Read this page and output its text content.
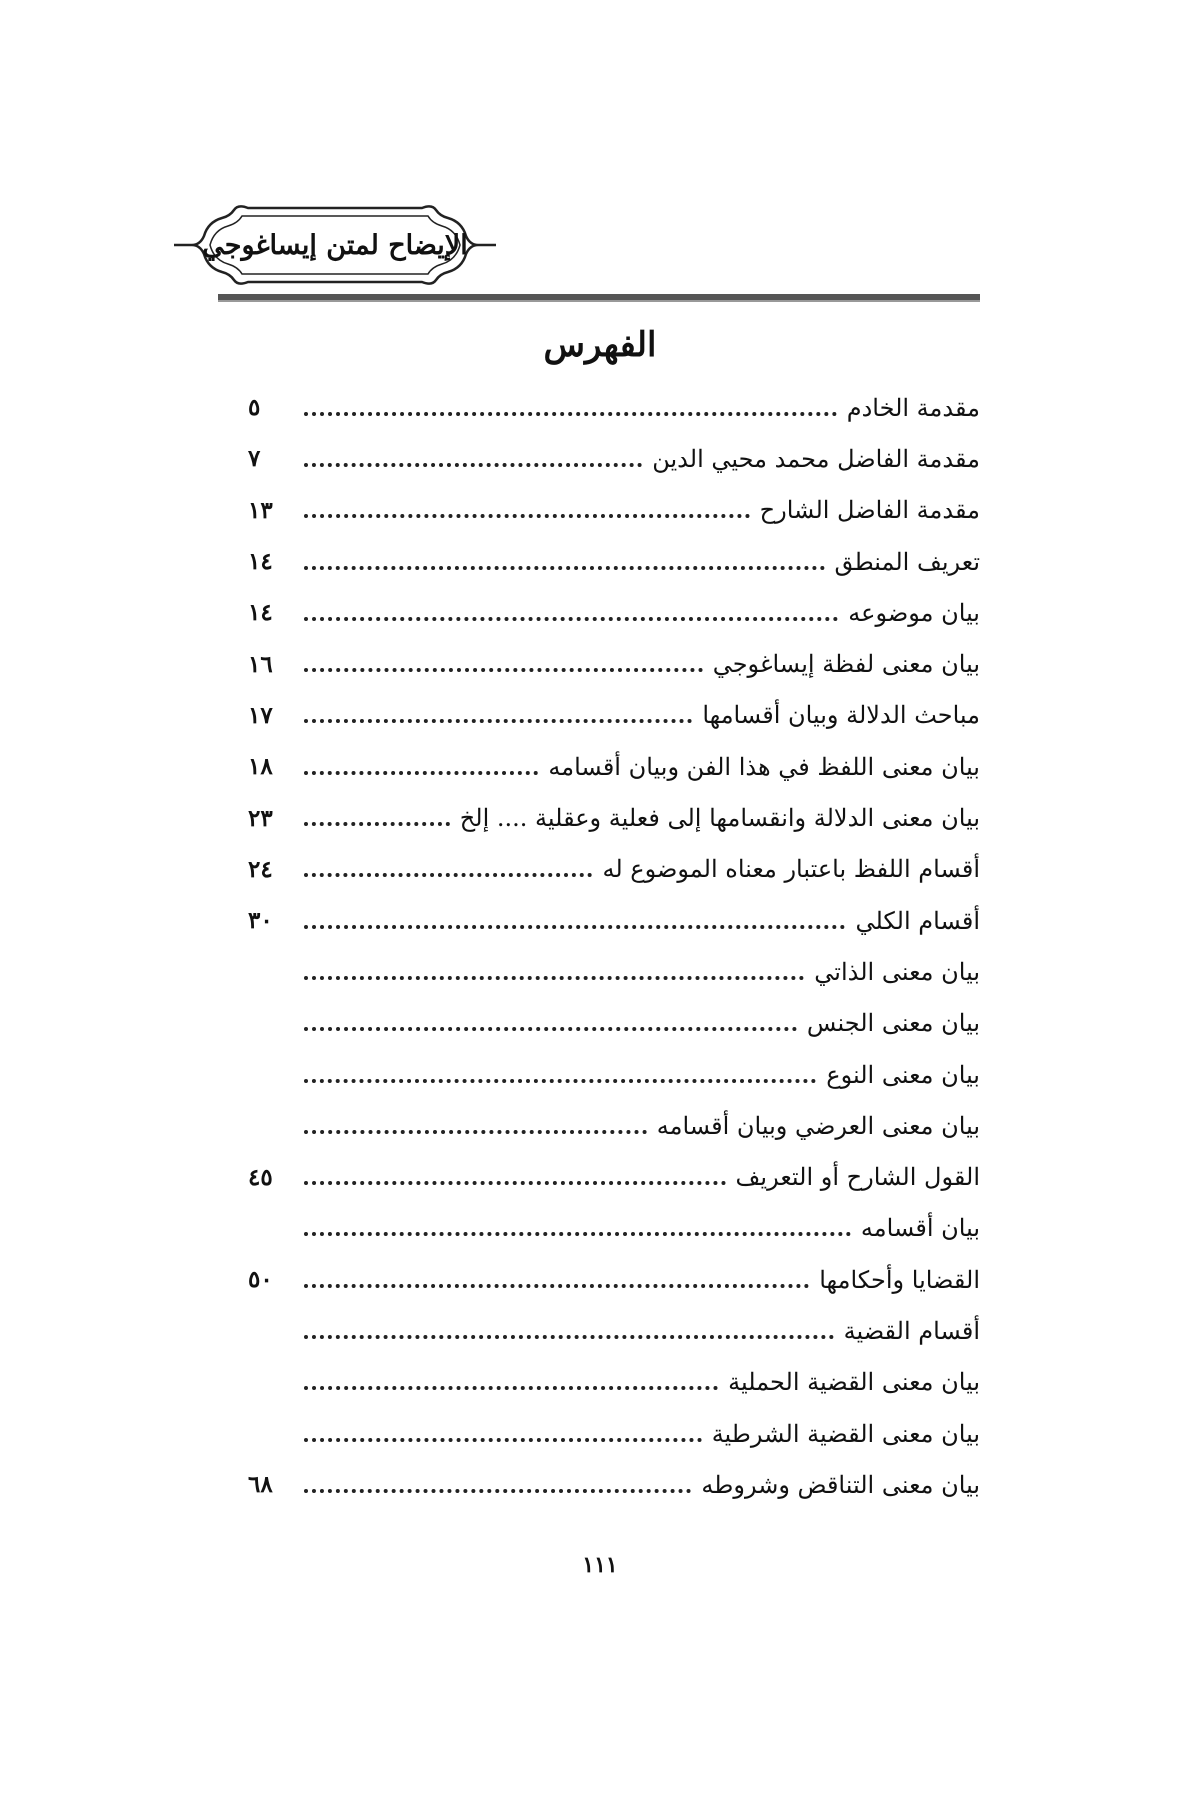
الإيضاح لمتن إيساغوجي
الفهرس
مقدمة الخادم
٥
مقدمة الفاضل محمد محيي الدين
٧
مقدمة الفاضل الشارح
١٣
تعريف المنطق
١٤
بيان موضوعه
١٤
بيان معنى لفظة إيساغوجي
١٦
مباحث الدلالة وبيان أقسامها
١٧
بيان معنى اللفظ في هذا الفن وبيان أقسامه
١٨
بيان معنى الدلالة وانقسامها إلى فعلية وعقلية .... إلخ
٢٣
أقسام اللفظ باعتبار معناه الموضوع له
٢٤
أقسام الكلي
٣٠
بيان معنى الذاتي
بيان معنى الجنس
بيان معنى النوع
بيان معنى العرضي وبيان أقسامه
القول الشارح أو التعريف
٤٥
بيان أقسامه
القضايا وأحكامها
٥٠
أقسام القضية
بيان معنى القضية الحملية
بيان معنى القضية الشرطية
بيان معنى التناقض وشروطه
٦٨
١١١
